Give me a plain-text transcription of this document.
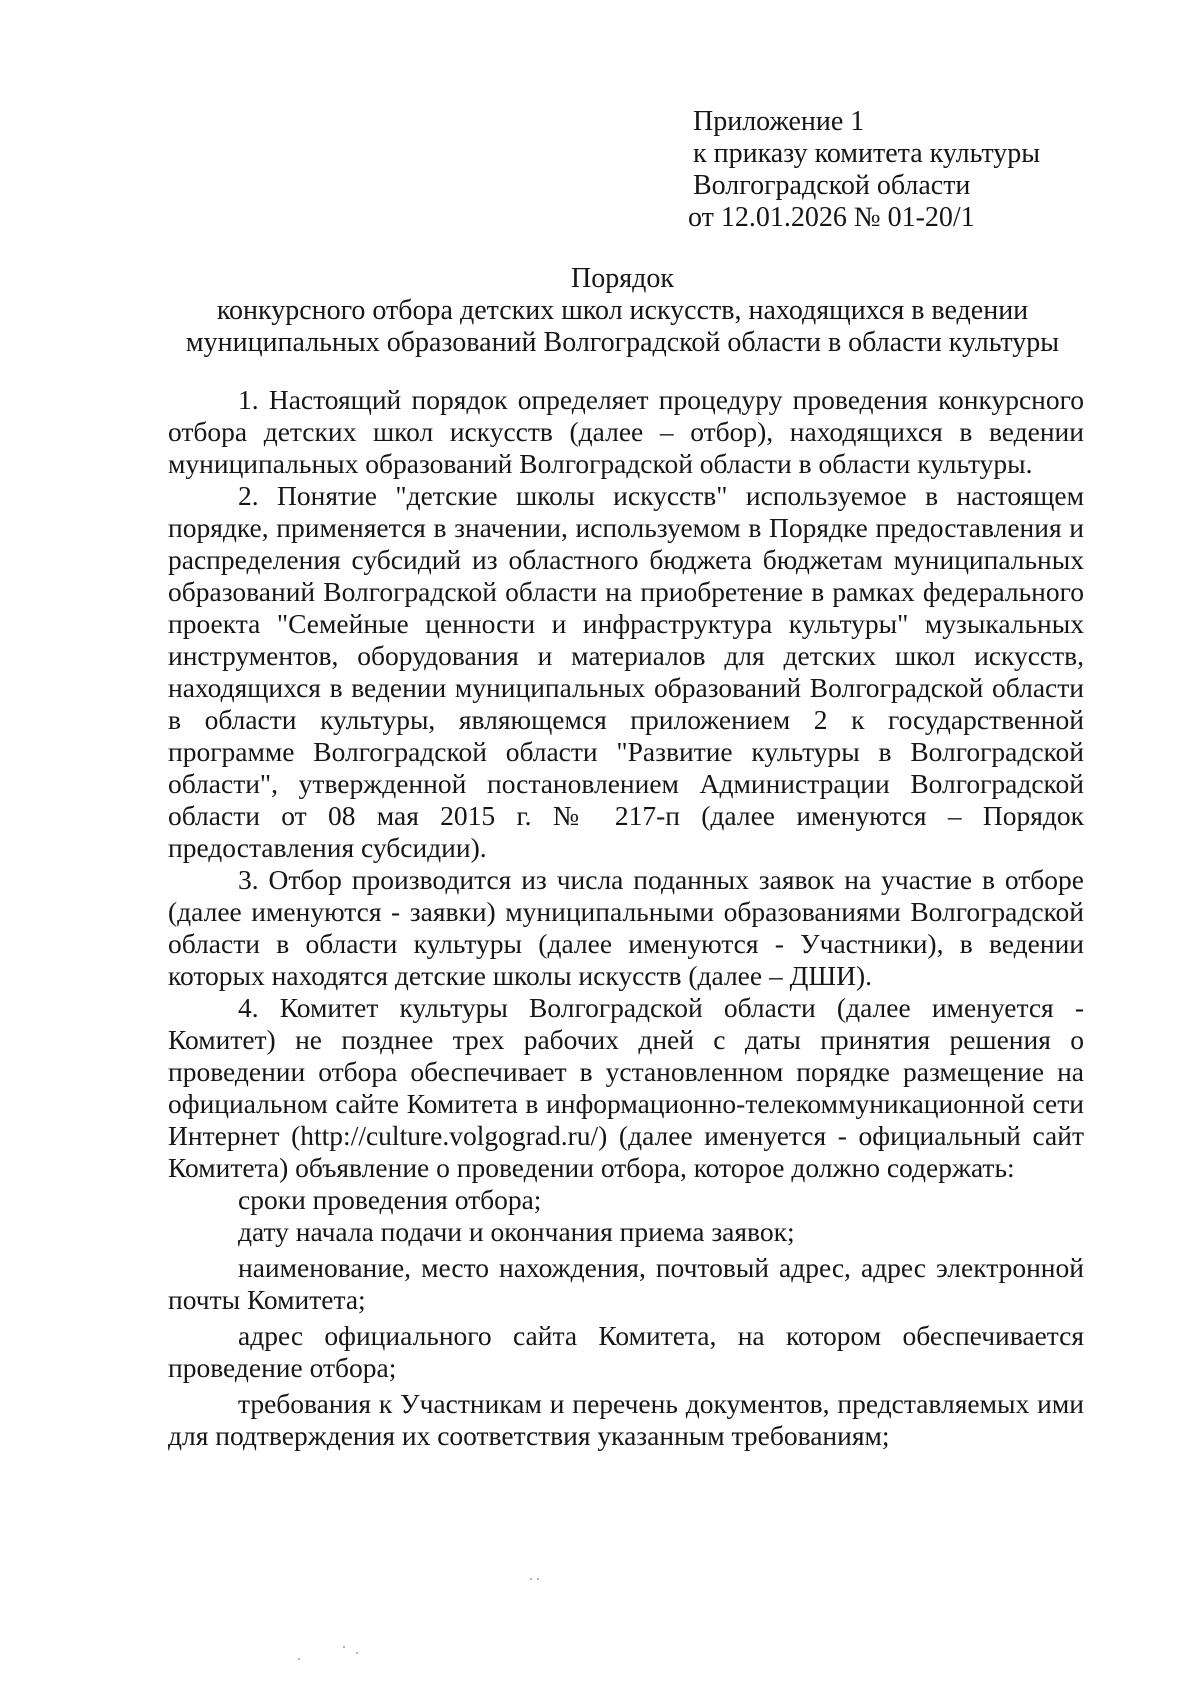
Приложение 1
к приказу комитета культуры
Волгоградской области
от 12.01.2026 № 01-20/1
Порядок
конкурсного отбора детских школ искусств, находящихся в ведении
муниципальных образований Волгоградской области в области культуры

1. Настоящий порядок определяет процедуру проведения конкурсного отбора детских школ искусств (далее – отбор), находящихся в ведении муниципальных образований Волгоградской области в области культуры.

2. Понятие "детские школы искусств" используемое в настоящем порядке, применяется в значении, используемом в Порядке предоставления и распределения субсидий из областного бюджета бюджетам муниципальных образований Волгоградской области на приобретение в рамках федерального проекта "Семейные ценности и инфраструктура культуры" музыкальных инструментов, оборудования и материалов для детских школ искусств, находящихся в ведении муниципальных образований Волгоградской области в области культуры, являющемся приложением 2 к государственной программе Волгоградской области "Развитие культуры в Волгоградской области", утвержденной постановлением Администрации Волгоградской области от 08 мая 2015 г. № 217-п (далее именуются – Порядок предоставления субсидии).

3. Отбор производится из числа поданных заявок на участие в отборе (далее именуются - заявки) муниципальными образованиями Волгоградской области в области культуры (далее именуются - Участники), в ведении которых находятся детские школы искусств (далее – ДШИ).

4. Комитет культуры Волгоградской области (далее именуется - Комитет) не позднее трех рабочих дней с даты принятия решения о проведении отбора обеспечивает в установленном порядке размещение на официальном сайте Комитета в информационно-телекоммуникационной сети Интернет (http://culture.volgograd.ru/) (далее именуется - официальный сайт Комитета) объявление о проведении отбора, которое должно содержать:

сроки проведения отбора;

дату начала подачи и окончания приема заявок;

наименование, место нахождения, почтовый адрес, адрес электронной почты Комитета;

адрес официального сайта Комитета, на котором обеспечивается проведение отбора;

требования к Участникам и перечень документов, представляемых ими для подтверждения их соответствия указанным требованиям;
